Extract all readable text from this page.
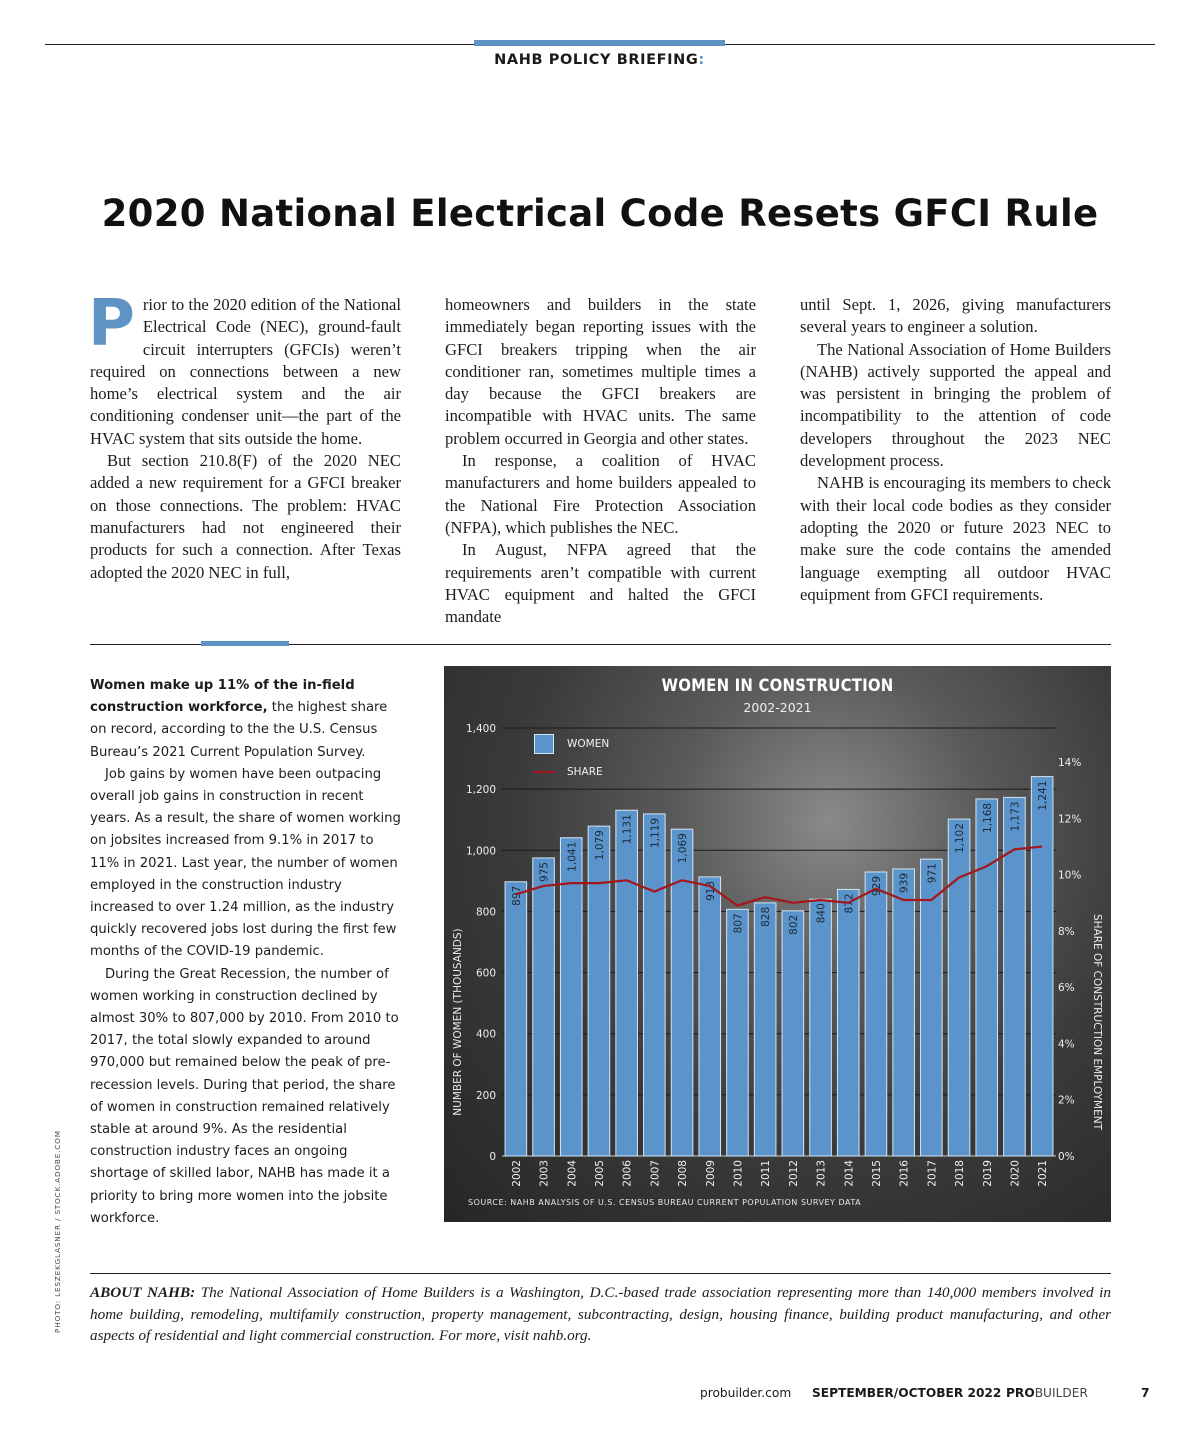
NAHB POLICY BRIEFING:
2020 National Electrical Code Resets GFCI Rule

Prior to the 2020 edition of the National Electrical Code (NEC), ground-fault circuit interrupters (GFCIs) weren’t required on connections between a new home’s electrical system and the air conditioning condenser unit—the part of the HVAC system that sits outside the home.

But section 210.8(F) of the 2020 NEC added a new requirement for a GFCI breaker on those connections. The problem: HVAC manufacturers had not engineered their products for such a connection. After Texas adopted the 2020 NEC in full,

homeowners and builders in the state immediately began reporting issues with the GFCI breakers tripping when the air conditioner ran, sometimes multiple times a day because the GFCI breakers are incompatible with HVAC units. The same problem occurred in Georgia and other states.

In response, a coalition of HVAC manufacturers and home builders appealed to the National Fire Protection Association (NFPA), which publishes the NEC.

In August, NFPA agreed that the requirements aren’t compatible with current HVAC equipment and halted the GFCI mandate

until Sept. 1, 2026, giving manufacturers several years to engineer a solution.

The National Association of Home Builders (NAHB) actively supported the appeal and was persistent in bringing the problem of incompatibility to the attention of code developers throughout the 2023 NEC development process.

NAHB is encouraging its members to check with their local code bodies as they consider adopting the 2020 or future 2023 NEC to make sure the code contains the amended language exempting all outdoor HVAC equipment from GFCI requirements.

Women make up 11% of the in-field construction workforce, the highest share on record, according to the the U.S. Census Bureau’s 2021 Current Population Survey.

Job gains by women have been outpacing overall job gains in construction in recent years. As a result, the share of women working on jobsites increased from 9.1% in 2017 to 11% in 2021. Last year, the number of women employed in the construction industry increased to over 1.24 million, as the industry quickly recovered jobs lost during the first few months of the COVID-19 pandemic.

During the Great Recession, the number of women working in construction declined by almost 30% to 807,000 by 2010. From 2010 to 2017, the total slowly expanded to around 970,000 but remained below the peak of pre-recession levels. During that period, the share of women in construction remained relatively stable at around 9%. As the residential construction industry faces an ongoing shortage of skilled labor, NAHB has made it a priority to bring more women into the jobsite workforce.

PHOTO: LESZEKGLASNER / STOCK.ADOBE.COM	0
200
400
600
800
1,000
1,200
1,400
0%
2%
4%
6%
8%
10%
12%
14%
897
2002
975
2003
1,041
2004
1,079
2005
1,131
2006
1,119
2007
1,069
2008
913
2009
807
2010
828
2011
802
2012
840
2013
872
2014
929
2015
939
2016
971
2017
1,102
2018
1,168
2019
1,173
2020
1,241
2021
WOMEN IN CONSTRUCTION
2002-2021
WOMEN
SHARE
NUMBER OF WOMEN (THOUSANDS)	SHARE OF CONSTRUCTION EMPLOYMENT
SOURCE: NAHB ANALYSIS OF U.S. CENSUS BUREAU CURRENT POPULATION SURVEY DATA
ABOUT NAHB: The National Association of Home Builders is a Washington, D.C.-based trade association representing more than 140,000 members involved in home building, remodeling, multifamily construction, property management, subcontracting, design, housing finance, building product manufacturing, and other aspects of residential and light commercial construction. For more, visit nahb.org.
probuilder.com SEPTEMBER/OCTOBER 2022 PROBUILDER	7
